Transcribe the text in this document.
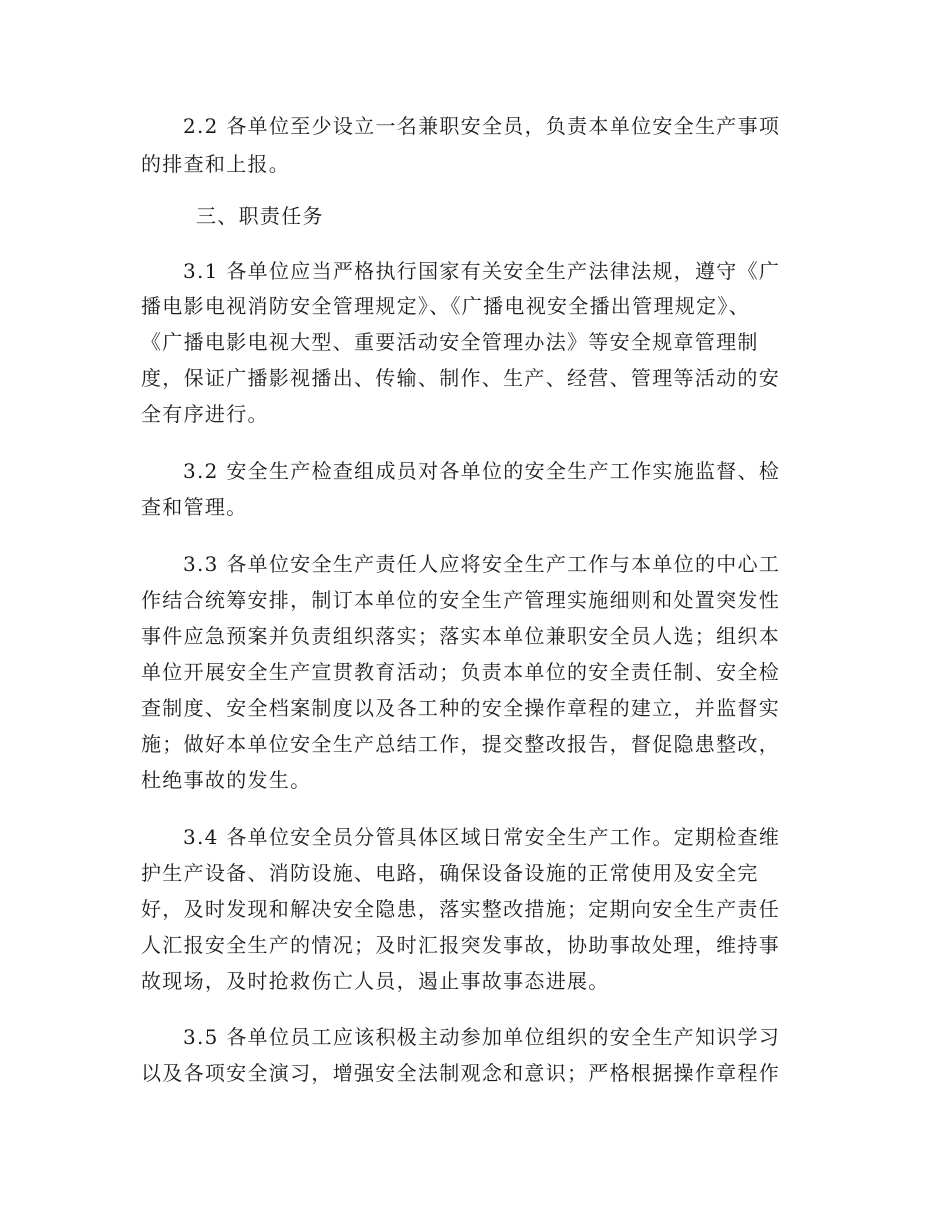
2.2 各单位至少设立一名兼职安全员，负责本单位安全生产事项
的排查和上报。
三、职责任务
3.1 各单位应当严格执行国家有关安全生产法律法规，遵守《广
播电影电视消防安全管理规定》、《广播电视安全播出管理规定》、
《广播电影电视大型、重要活动安全管理办法》等安全规章管理制
度，保证广播影视播出、传输、制作、生产、经营、管理等活动的安
全有序进行。
3.2 安全生产检查组成员对各单位的安全生产工作实施监督、检
查和管理。
3.3 各单位安全生产责任人应将安全生产工作与本单位的中心工
作结合统筹安排，制订本单位的安全生产管理实施细则和处置突发性
事件应急预案并负责组织落实；落实本单位兼职安全员人选；组织本
单位开展安全生产宣贯教育活动；负责本单位的安全责任制、安全检
查制度、安全档案制度以及各工种的安全操作章程的建立，并监督实
施；做好本单位安全生产总结工作，提交整改报告，督促隐患整改，
杜绝事故的发生。
3.4 各单位安全员分管具体区域日常安全生产工作。定期检查维
护生产设备、消防设施、电路，确保设备设施的正常使用及安全完
好，及时发现和解决安全隐患，落实整改措施；定期向安全生产责任
人汇报安全生产的情况；及时汇报突发事故，协助事故处理，维持事
故现场，及时抢救伤亡人员，遏止事故事态进展。
3.5 各单位员工应该积极主动参加单位组织的安全生产知识学习
以及各项安全演习，增强安全法制观念和意识；严格根据操作章程作
